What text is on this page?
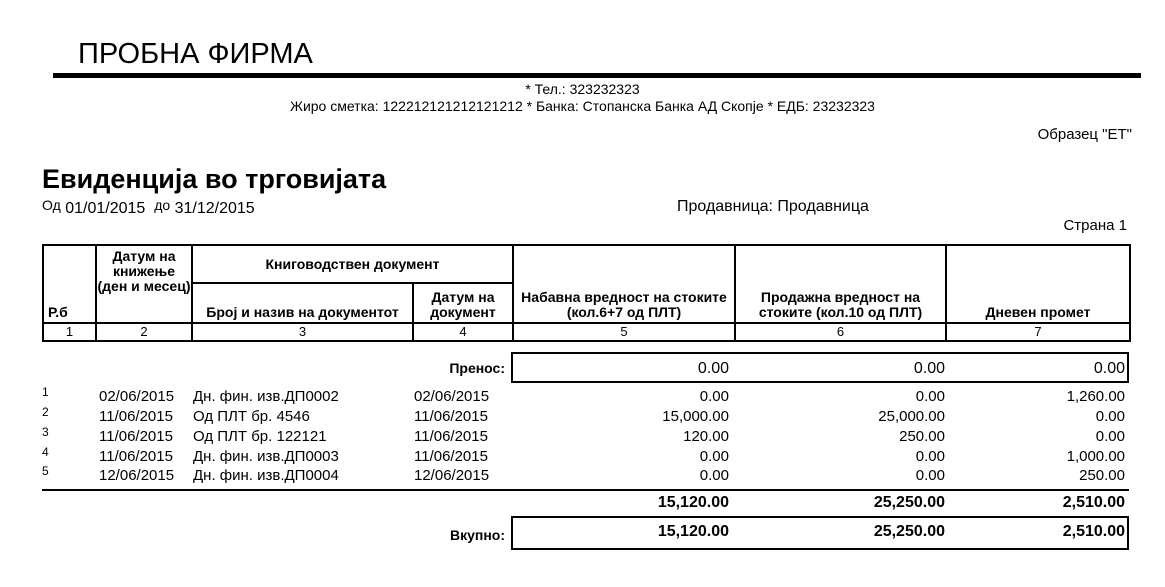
ПРОБНА ФИРМА
* Тел.: 323232323
Жиро сметка: 122212121212121212 * Банка: Стопанска Банка АД Скопје * ЕДБ: 23232323
Образец "ЕТ"
Евиденција во трговијата
Од 01/01/2015 до 31/12/2015	Продавница: Продавница
Страна 1
Р.б	Датум на книжење (ден и месец)	Книговодствен документ		Набавна вредност на стоките (кол.6+7 од ПЛТ)	Продажна вредност на стоките (кол.10 од ПЛТ)	Дневен промет
		Број и назив на документот	Датум на документ			
1	2	3	4	5	6	7
Пренос:	0.00	0.00	0.00
1	02/06/2015 Дн. фин. изв.ДП0002	02/06/2015	0.00	0.00	1,260.00
2	11/06/2015 Од ПЛТ бр. 4546	11/06/2015	15,000.00	25,000.00	0.00
3	11/06/2015 Од ПЛТ бр. 122121	11/06/2015	120.00	250.00	0.00
4	11/06/2015 Дн. фин. изв.ДП0003	11/06/2015	0.00	0.00	1,000.00
5	12/06/2015 Дн. фин. изв.ДП0004	12/06/2015	0.00	0.00	250.00
15,120.00	25,250.00	2,510.00
Вкупно:	15,120.00	25,250.00	2,510.00
